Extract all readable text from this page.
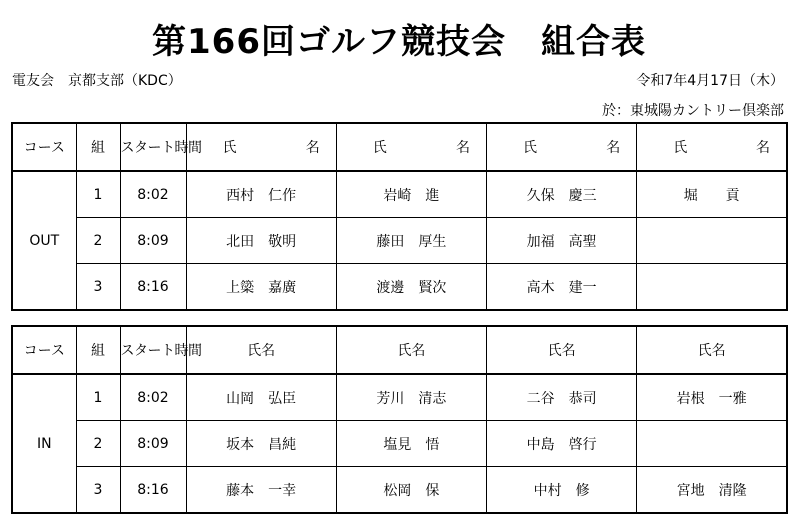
第166回ゴルフ競技会　組合表
電友会　京都支部（KDC）	令和7年4月17日（木）
於：東城陽カントリー倶楽部
コース	組	スタート時間	氏 名	氏 名	氏 名	氏 名

OUT	1	8:02	西村　仁作	岩崎　進	久保　慶三	堀　　貢
	2	8:09	北田　敬明	藤田　厚生	加福　高聖	
	3	8:16	上簗　嘉廣	渡邊　賢次	高木　建一	
コース	組	スタート時間	氏名	氏名	氏名	氏名
IN	1	8:02	山岡　弘臣	芳川　清志	二谷　恭司	岩根　一雅
	2	8:09	坂本　昌純	塩見　悟	中島　啓行	
	3	8:16	藤本　一幸	松岡　保	中村　修	宮地　清隆
